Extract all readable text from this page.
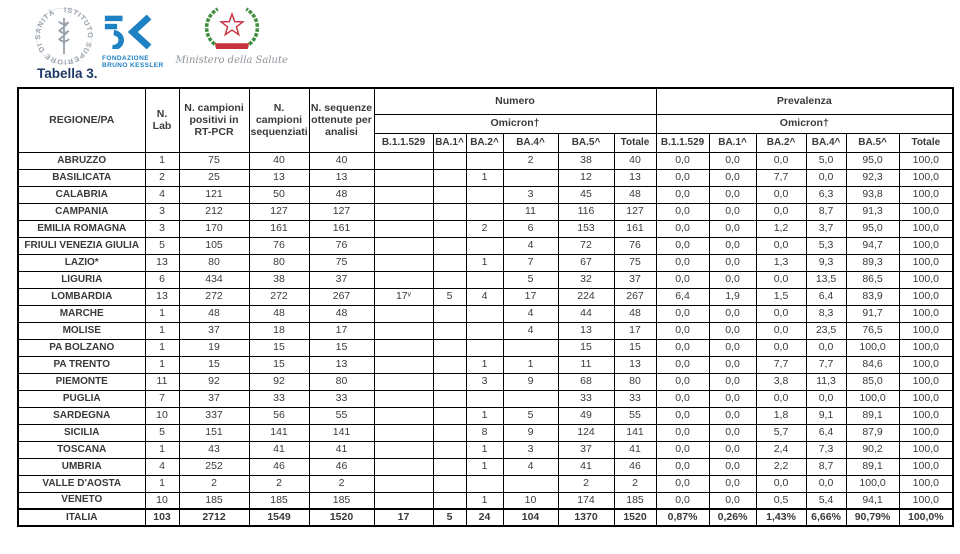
ISTITUTO SUPERIORE DI SANITÀ
FONDAZIONE
BRUNO KESSLER Ministero della Salute
Tabella 3.
REGIONE/PA	N. Lab	N. campioni positivi in RT-PCR	N. campioni sequenziati	N. sequenze ottenute per analisi	Numero						Prevalenza					
					Omicron†						Omicron†					
					B.1.1.529	BA.1^	BA.2^	BA.4^	BA.5^	Totale	B.1.1.529	BA.1^	BA.2^	BA.4^	BA.5^	Totale
ABRUZZO	1	75	40	40				2	38	40	0,0	0,0	0,0	5,0	95,0	100,0
BASILICATA	2	25	13	13			1		12	13	0,0	0,0	7,7	0,0	92,3	100,0
CALABRIA	4	121	50	48				3	45	48	0,0	0,0	0,0	6,3	93,8	100,0
CAMPANIA	3	212	127	127				11	116	127	0,0	0,0	0,0	8,7	91,3	100,0
EMILIA ROMAGNA	3	170	161	161			2	6	153	161	0,0	0,0	1,2	3,7	95,0	100,0
FRIULI VENEZIA GIULIA	5	105	76	76				4	72	76	0,0	0,0	0,0	5,3	94,7	100,0
LAZIO*	13	80	80	75			1	7	67	75	0,0	0,0	1,3	9,3	89,3	100,0
LIGURIA	6	434	38	37				5	32	37	0,0	0,0	0,0	13,5	86,5	100,0
LOMBARDIA	13	272	272	267	17ᵛ	5	4	17	224	267	6,4	1,9	1,5	6,4	83,9	100,0
MARCHE	1	48	48	48				4	44	48	0,0	0,0	0,0	8,3	91,7	100,0
MOLISE	1	37	18	17				4	13	17	0,0	0,0	0,0	23,5	76,5	100,0
PA BOLZANO	1	19	15	15					15	15	0,0	0,0	0,0	0,0	100,0	100,0
PA TRENTO	1	15	15	13			1	1	11	13	0,0	0,0	7,7	7,7	84,6	100,0
PIEMONTE	11	92	92	80			3	9	68	80	0,0	0,0	3,8	11,3	85,0	100,0
PUGLIA	7	37	33	33					33	33	0,0	0,0	0,0	0,0	100,0	100,0
SARDEGNA	10	337	56	55			1	5	49	55	0,0	0,0	1,8	9,1	89,1	100,0
SICILIA	5	151	141	141			8	9	124	141	0,0	0,0	5,7	6,4	87,9	100,0
TOSCANA	1	43	41	41			1	3	37	41	0,0	0,0	2,4	7,3	90,2	100,0
UMBRIA	4	252	46	46			1	4	41	46	0,0	0,0	2,2	8,7	89,1	100,0
VALLE D'AOSTA	1	2	2	2					2	2	0,0	0,0	0,0	0,0	100,0	100,0
VENETO	10	185	185	185			1	10	174	185	0,0	0,0	0,5	5,4	94,1	100,0
ITALIA	103	2712	1549	1520	17	5	24	104	1370	1520	0,87%	0,26%	1,43%	6,66%	90,79%	100,0%
